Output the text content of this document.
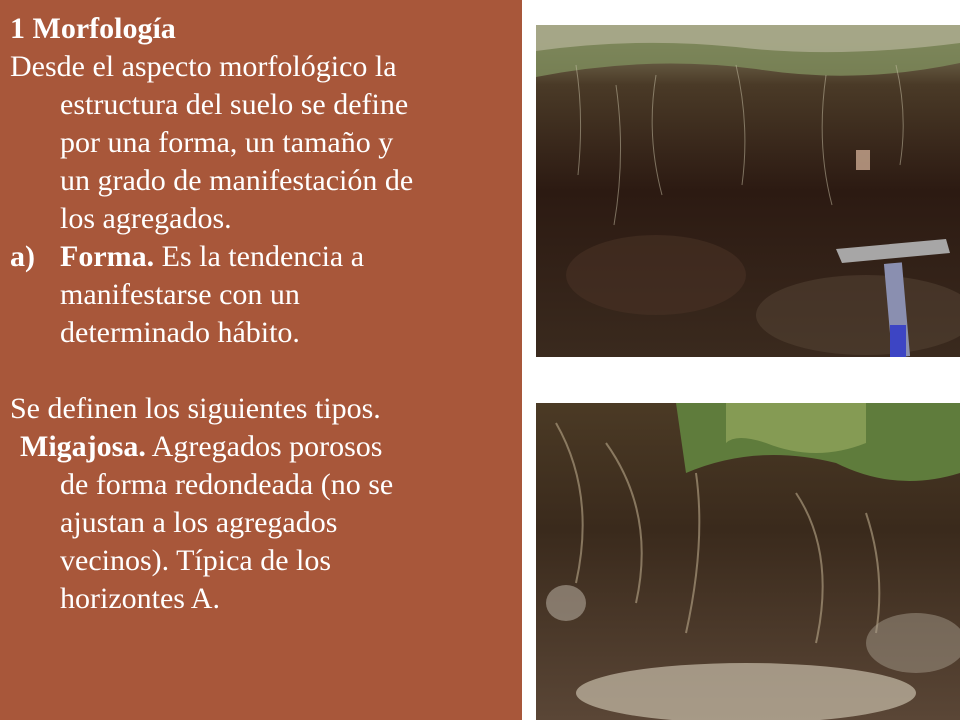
1 Morfología
Desde el aspecto morfológico la
estructura del suelo se define
por una forma, un tamaño y
un grado de manifestación de
los agregados.
a) Forma. Es la tendencia a
manifestarse con un
determinado hábito.
Se definen los siguientes tipos.
Migajosa. Agregados porosos
de forma redondeada (no se
ajustan a los agregados
vecinos). Típica de los
horizontes A.
